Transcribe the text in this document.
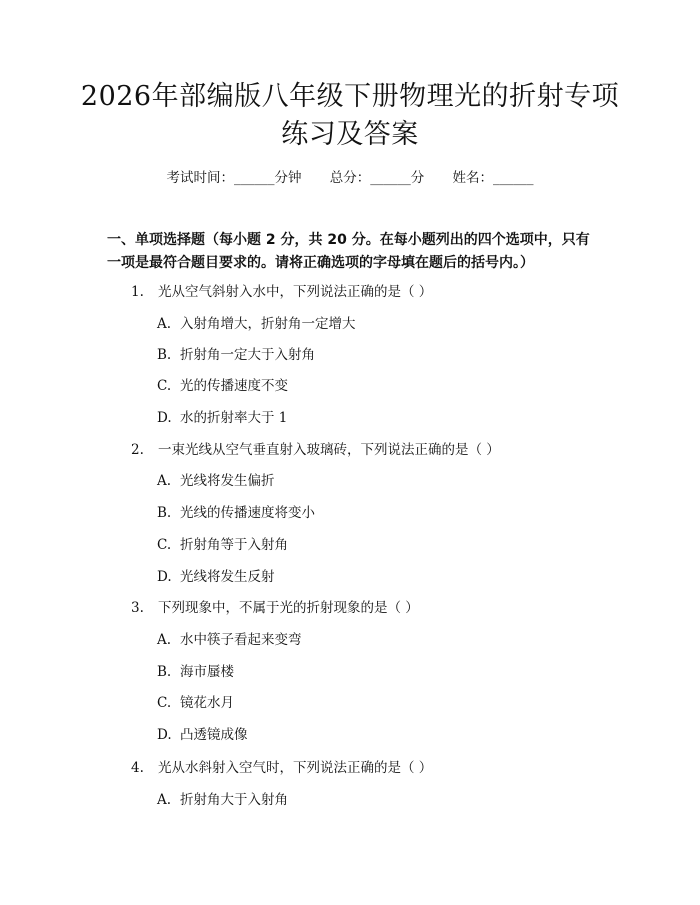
2026年部编版八年级下册物理光的折射专项
练习及答案
考试时间：______分钟 总分：______分 姓名：______
一、单项选择题（每小题 2 分，共 20 分。在每小题列出的四个选项中，只有一项是最符合题目要求的。请将正确选项的字母填在题后的括号内。）
1. 光从空气斜射入水中，下列说法正确的是（ ）
A. 入射角增大，折射角一定增大
B. 折射角一定大于入射角
C. 光的传播速度不变
D. 水的折射率大于 1
2. 一束光线从空气垂直射入玻璃砖，下列说法正确的是（ ）
A. 光线将发生偏折
B. 光线的传播速度将变小
C. 折射角等于入射角
D. 光线将发生反射
3. 下列现象中，不属于光的折射现象的是（ ）
A. 水中筷子看起来变弯
B. 海市蜃楼
C. 镜花水月
D. 凸透镜成像
4. 光从水斜射入空气时，下列说法正确的是（ ）
A. 折射角大于入射角
